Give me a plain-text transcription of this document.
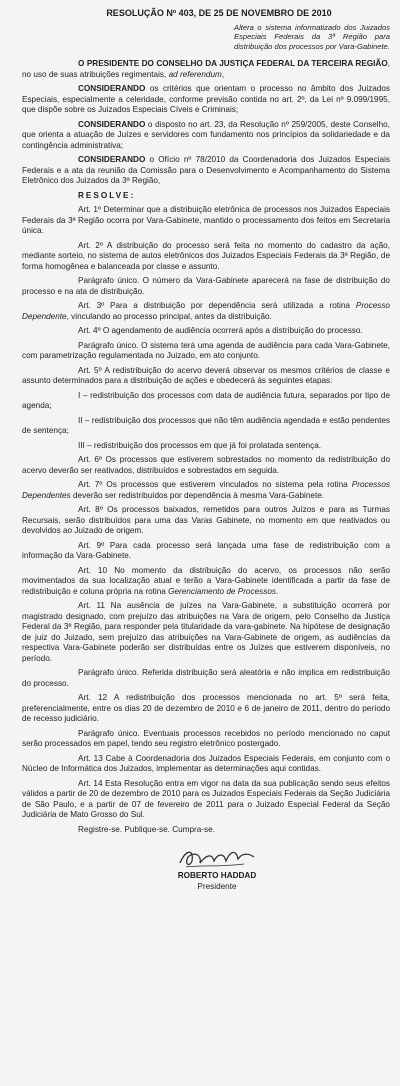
RESOLUÇÃO Nº 403, DE 25 DE NOVEMBRO DE 2010
Altera o sistema informatizado dos Juizados Especiais Federais da 3ª Região para distribuição dos processos por Vara-Gabinete.

O PRESIDENTE DO CONSELHO DA JUSTIÇA FEDERAL DA TERCEIRA REGIÃO, no uso de suas atribuições regimentais, ad referendum,

CONSIDERANDO os critérios que orientam o processo no âmbito dos Juizados Especiais, especialmente a celeridade, conforme previsão contida no art. 2º, da Lei nº 9.099/1995, que dispõe sobre os Juizados Especiais Cíveis e Criminais;

CONSIDERANDO o disposto no art. 23, da Resolução nº 259/2005, deste Conselho, que orienta a atuação de Juízes e servidores com fundamento nos princípios da solidariedade e da contingência administrativa;

CONSIDERANDO o Ofício nº 78/2010 da Coordenadoria dos Juizados Especiais Federais e a ata da reunião da Comissão para o Desenvolvimento e Acompanhamento do Sistema Eletrônico dos Juizados da 3ª Região,

RESOLVE:

Art. 1º Determinar que a distribuição eletrônica de processos nos Juizados Especiais Federais da 3ª Região ocorra por Vara-Gabinete, mantido o processamento dos feitos em Secretaria única.

Art. 2º A distribuição do processo será feita no momento do cadastro da ação, mediante sorteio, no sistema de autos eletrônicos dos Juizados Especiais Federais da 3ª Região, de forma homogênea e balanceada por classe e assunto.

Parágrafo único. O número da Vara-Gabinete aparecerá na fase de distribuição do processo e na ata de distribuição.

Art. 3º Para a distribuição por dependência será utilizada a rotina Processo Dependente, vinculando ao processo principal, antes da distribuição.

Art. 4º O agendamento de audiência ocorrerá após a distribuição do processo.

Parágrafo único. O sistema terá uma agenda de audiência para cada Vara-Gabinete, com parametrização regulamentada no Juizado, em ato conjunto.

Art. 5º A redistribuição do acervo deverá observar os mesmos critérios de classe e assunto determinados para a distribuição de ações e obedecerá às seguintes etapas:

I – redistribuição dos processos com data de audiência futura, separados por tipo de agenda;

II – redistribuição dos processos que não têm audiência agendada e estão pendentes de sentença;

III – redistribuição dos processos em que já foi prolatada sentença.

Art. 6º Os processos que estiverem sobrestados no momento da redistribuição do acervo deverão ser reativados, distribuídos e sobrestados em seguida.

Art. 7º Os processos que estiverem vinculados no sistema pela rotina Processos Dependentes deverão ser redistribuídos por dependência à mesma Vara-Gabinete.

Art. 8º Os processos baixados, remetidos para outros Juízos e para as Turmas Recursais, serão distribuídos para uma das Varas Gabinete, no momento em que reativados ou devolvidos ao Juizado de origem.

Art. 9º Para cada processo será lançada uma fase de redistribuição com a informação da Vara-Gabinete.

Art. 10 No momento da distribuição do acervo, os processos não serão movimentados da sua localização atual e terão a Vara-Gabinete identificada a partir da fase de redistribuição e coluna própria na rotina Gerenciamento de Processos.

Art. 11 Na ausência de juízes na Vara-Gabinete, a substituição ocorrerá por magistrado designado, com prejuízo das atribuições na Vara de origem, pelo Conselho da Justiça Federal da 3ª Região, para responder pela titularidade da vara-gabinete. Na hipótese de designação de juiz do Juizado, sem prejuízo das atribuições na Vara-Gabinete de origem, as audiências da respectiva Vara-Gabinete poderão ser distribuídas entre os Juízes que estiverem disponíveis, no período.

Parágrafo único. Referida distribuição será aleatória e não implica em redistribuição do processo.

Art. 12 A redistribuição dos processos mencionada no art. 5º será feita, preferencialmente, entre os dias 20 de dezembro de 2010 e 6 de janeiro de 2011, dentro do período de recesso judiciário.

Parágrafo único. Eventuais processos recebidos no período mencionado no caput serão processados em papel, tendo seu registro eletrônico postergado.

Art. 13 Cabe à Coordenadoria dos Juizados Especiais Federais, em conjunto com o Núcleo de Informática dos Juizados, implementar as determinações aqui contidas.

Art. 14 Esta Resolução entra em vigor na data da sua publicação sendo seus efeitos válidos a partir de 20 de dezembro de 2010 para os Juizados Especiais Federais da Seção Judiciária de São Paulo, e a partir de 07 de fevereiro de 2011 para o Juizado Especial Federal da Seção Judiciária de Mato Grosso do Sul.

Registre-se. Publique-se. Cumpra-se.

ROBERTO HADDAD
Presidente
